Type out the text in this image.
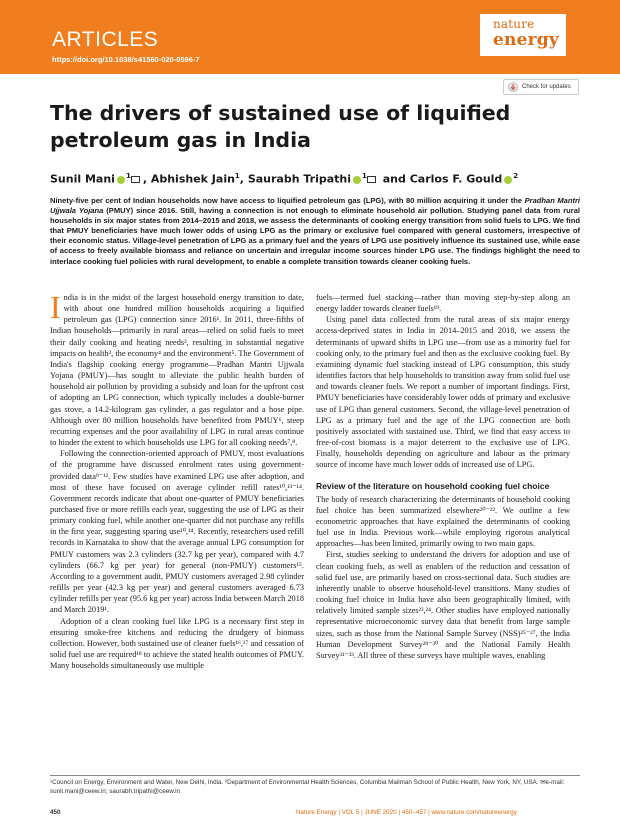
ARTICLES
https://doi.org/10.1038/s41560-020-0596-7
nature
energy
Check for updates
The drivers of sustained use of liquified petroleum gas in India
Sunil Mani $^1$ , Abhishek Jain$^1$, Saurabh Tripathi $^1$ and Carlos F. Gould $^2$

Ninety-five per cent of Indian households now have access to liquified petroleum gas (LPG), with 80 million acquiring it under the Pradhan Mantri Ujjwala Yojana (PMUY) since 2016. Still, having a connection is not enough to eliminate household air pollution. Studying panel data from rural households in six major states from 2014–2015 and 2018, we assess the determinants of cooking energy transition from solid fuels to LPG. We find that PMUY beneficiaries have much lower odds of using LPG as the primary or exclusive fuel compared with general customers, irrespective of their economic status. Village-level penetration of LPG as a primary fuel and the years of LPG use positively influence its sustained use, while ease of access to freely available biomass and reliance on uncertain and irregular income sources hinder LPG use. The findings highlight the need to interlace cooking fuel policies with rural development, to enable a complete transition towards cleaner cooking fuels.

India is in the midst of the largest household energy transition to date, with about one hundred million households acquiring a liquified petroleum gas (LPG) connection since 2016¹. In 2011, three-fifths of Indian households—primarily in rural areas—relied on solid fuels to meet their daily cooking and heating needs², resulting in substantial negative impacts on health³, the economy⁴ and the environment⁵. The Government of India's flagship cooking energy programme—Pradhan Mantri Ujjwala Yojana (PMUY)—has sought to alleviate the public health burden of household air pollution by providing a subsidy and loan for the upfront cost of adopting an LPG connection, which typically includes a double-burner gas stove, a 14.2-kilogram gas cylinder, a gas regulator and a hose pipe. Although over 80 million households have benefited from PMUY⁶, steep recurring expenses and the poor availability of LPG in rural areas continue to hinder the extent to which households use LPG for all cooking needs⁷,⁸.

Following the connection-oriented approach of PMUY, most evaluations of the programme have discussed enrolment rates using government-provided data⁹⁻¹². Few studies have examined LPG use after adoption, and most of these have focused on average cylinder refill rates¹⁰,¹³⁻¹⁴. Government records indicate that about one-quarter of PMUY beneficiaries purchased five or more refills each year, suggesting the use of LPG as their primary cooking fuel, while another one-quarter did not purchase any refills in the first year, suggesting sparing use¹⁰,¹⁴. Recently, researchers used refill records in Karnataka to show that the average annual LPG consumption for PMUY customers was 2.3 cylinders (32.7 kg per year), compared with 4.7 cylinders (66.7 kg per year) for general (non-PMUY) customers¹⁵. According to a government audit, PMUY customers averaged 2.98 cylinder refills per year (42.3 kg per year) and general customers averaged 6.73 cylinder refills per year (95.6 kg per year) across India between March 2018 and March 2019¹.

Adoption of a clean cooking fuel like LPG is a necessary first step in ensuring smoke-free kitchens and reducing the drudgery of biomass collection. However, both sustained use of cleaner fuels¹⁶,¹⁷ and cessation of solid fuel use are required¹⁸ to achieve the stated health outcomes of PMUY. Many households simultaneously use multiple

fuels—termed fuel stacking—rather than moving step-by-step along an energy ladder towards cleaner fuels¹⁹.

Using panel data collected from the rural areas of six major energy access-deprived states in India in 2014–2015 and 2018, we assess the determinants of upward shifts in LPG use—from use as a minority fuel for cooking only, to the primary fuel and then as the exclusive cooking fuel. By examining dynamic fuel stacking instead of LPG consumption, this study identifies factors that help households to transition away from solid fuel use and towards cleaner fuels. We report a number of important findings. First, PMUY beneficiaries have considerably lower odds of primary and exclusive use of LPG than general customers. Second, the village-level penetration of LPG as a primary fuel and the age of the LPG connection are both positively associated with sustained use. Third, we find that easy access to free-of-cost biomass is a major deterrent to the exclusive use of LPG. Finally, households depending on agriculture and labour as the primary source of income have much lower odds of increased use of LPG.

Review of the literature on household cooking fuel choice

The body of research characterizing the determinants of household cooking fuel choice has been summarized elsewhere²⁰⁻²². We outline a few econometric approaches that have explained the determinants of cooking fuel use in India. Previous work—while employing rigorous analytical approaches—has been limited, primarily owing to two main gaps.

First, studies seeking to understand the drivers for adoption and use of clean cooking fuels, as well as enablers of the reduction and cessation of solid fuel use, are primarily based on cross-sectional data. Such studies are inherently unable to observe household-level transitions. Many studies of cooking fuel choice in India have also been geographically limited, with relatively limited sample sizes²³,²⁴. Other studies have employed nationally representative microeconomic survey data that benefit from large sample sizes, such as those from the National Sample Survey (NSS)²⁵⁻²⁷, the India Human Development Survey²⁸⁻³⁰ and the National Family Health Survey³¹⁻³³. All three of these surveys have multiple waves, enabling

¹Council on Energy, Environment and Water, New Delhi, India. ²Department of Environmental Health Sciences, Columbia Mailman School of Public Health, New York, NY, USA. ✉e-mail: sunil.mani@ceew.in; saurabh.tripathi@ceew.in
450	Nature Energy | VOL 5 | JUNE 2020 | 450–457 | www.nature.com/natureenergy
